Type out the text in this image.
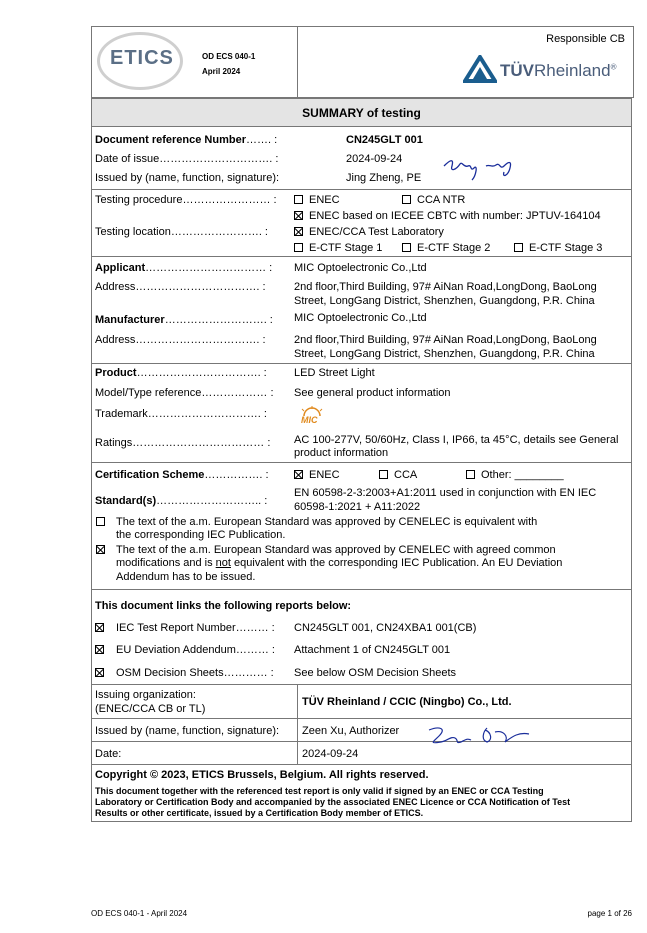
ETICS	OD ECS 040-1
April 2024
Responsible CB
TÜVRheinland®
SUMMARY of testing
Document reference Number……. :	CN245GLT 001
Date of issue…………………………. :	2024-09-24
Issued by (name, function, signature):	Jing Zheng, PE
Testing procedure…………………… :	ENEC	CCA NTR
ENEC based on IECEE CBTC with number: JPTUV-164104
Testing location……………………. :	ENEC/CCA Test Laboratory
E-CTF Stage 1	E-CTF Stage 2	E-CTF Stage 3
Applicant…………………………… : MIC Optoelectronic Co.,Ltd
Address……………………………. :	2nd floor,Third Building, 97# AiNan Road,LongDong, BaoLong
Street, LongGang District, Shenzhen, Guangdong, P.R. China
Manufacturer………………………. : MIC Optoelectronic Co.,Ltd
Address……………………………. :	2nd floor,Third Building, 97# AiNan Road,LongDong, BaoLong
Street, LongGang District, Shenzhen, Guangdong, P.R. China
Product……………………………. : LED Street Light
Model/Type reference……………… : See general product information
Trademark…………………………. :	MIC
Ratings……………………………… : AC 100-277V, 50/60Hz, Class I, IP66, ta 45°C, details see General
product information
Certification Scheme……………. :	ENEC	CCA	Other: ________
Standard(s)……………………….. :
EN 60598-2-3:2003+A1:2011 used in conjunction with EN IEC
60598-1:2021 + A11:2022
The text of the a.m. European Standard was approved by CENELEC is equivalent with
the corresponding IEC Publication.
The text of the a.m. European Standard was approved by CENELEC with agreed common
modifications and is not equivalent with the corresponding IEC Publication. An EU Deviation
Addendum has to be issued.
This document links the following reports below:
IEC Test Report Number……… : CN245GLT 001, CN24XBA1 001(CB)
EU Deviation Addendum……… : Attachment 1 of CN245GLT 001
OSM Decision Sheets………… : See below OSM Decision Sheets
Issuing organization:
(ENEC/CCA CB or TL)
TÜV Rheinland / CCIC (Ningbo) Co., Ltd.
Issued by (name, function, signature): Zeen Xu, Authorizer
Date:	2024-09-24
Copyright © 2023, ETICS Brussels, Belgium. All rights reserved.
This document together with the referenced test report is only valid if signed by an ENEC or CCA Testing
Laboratory or Certification Body and accompanied by the associated ENEC Licence or CCA Notification of Test
Results or other certificate, issued by a Certification Body member of ETICS.
OD ECS 040-1 - April 2024	page 1 of 26
